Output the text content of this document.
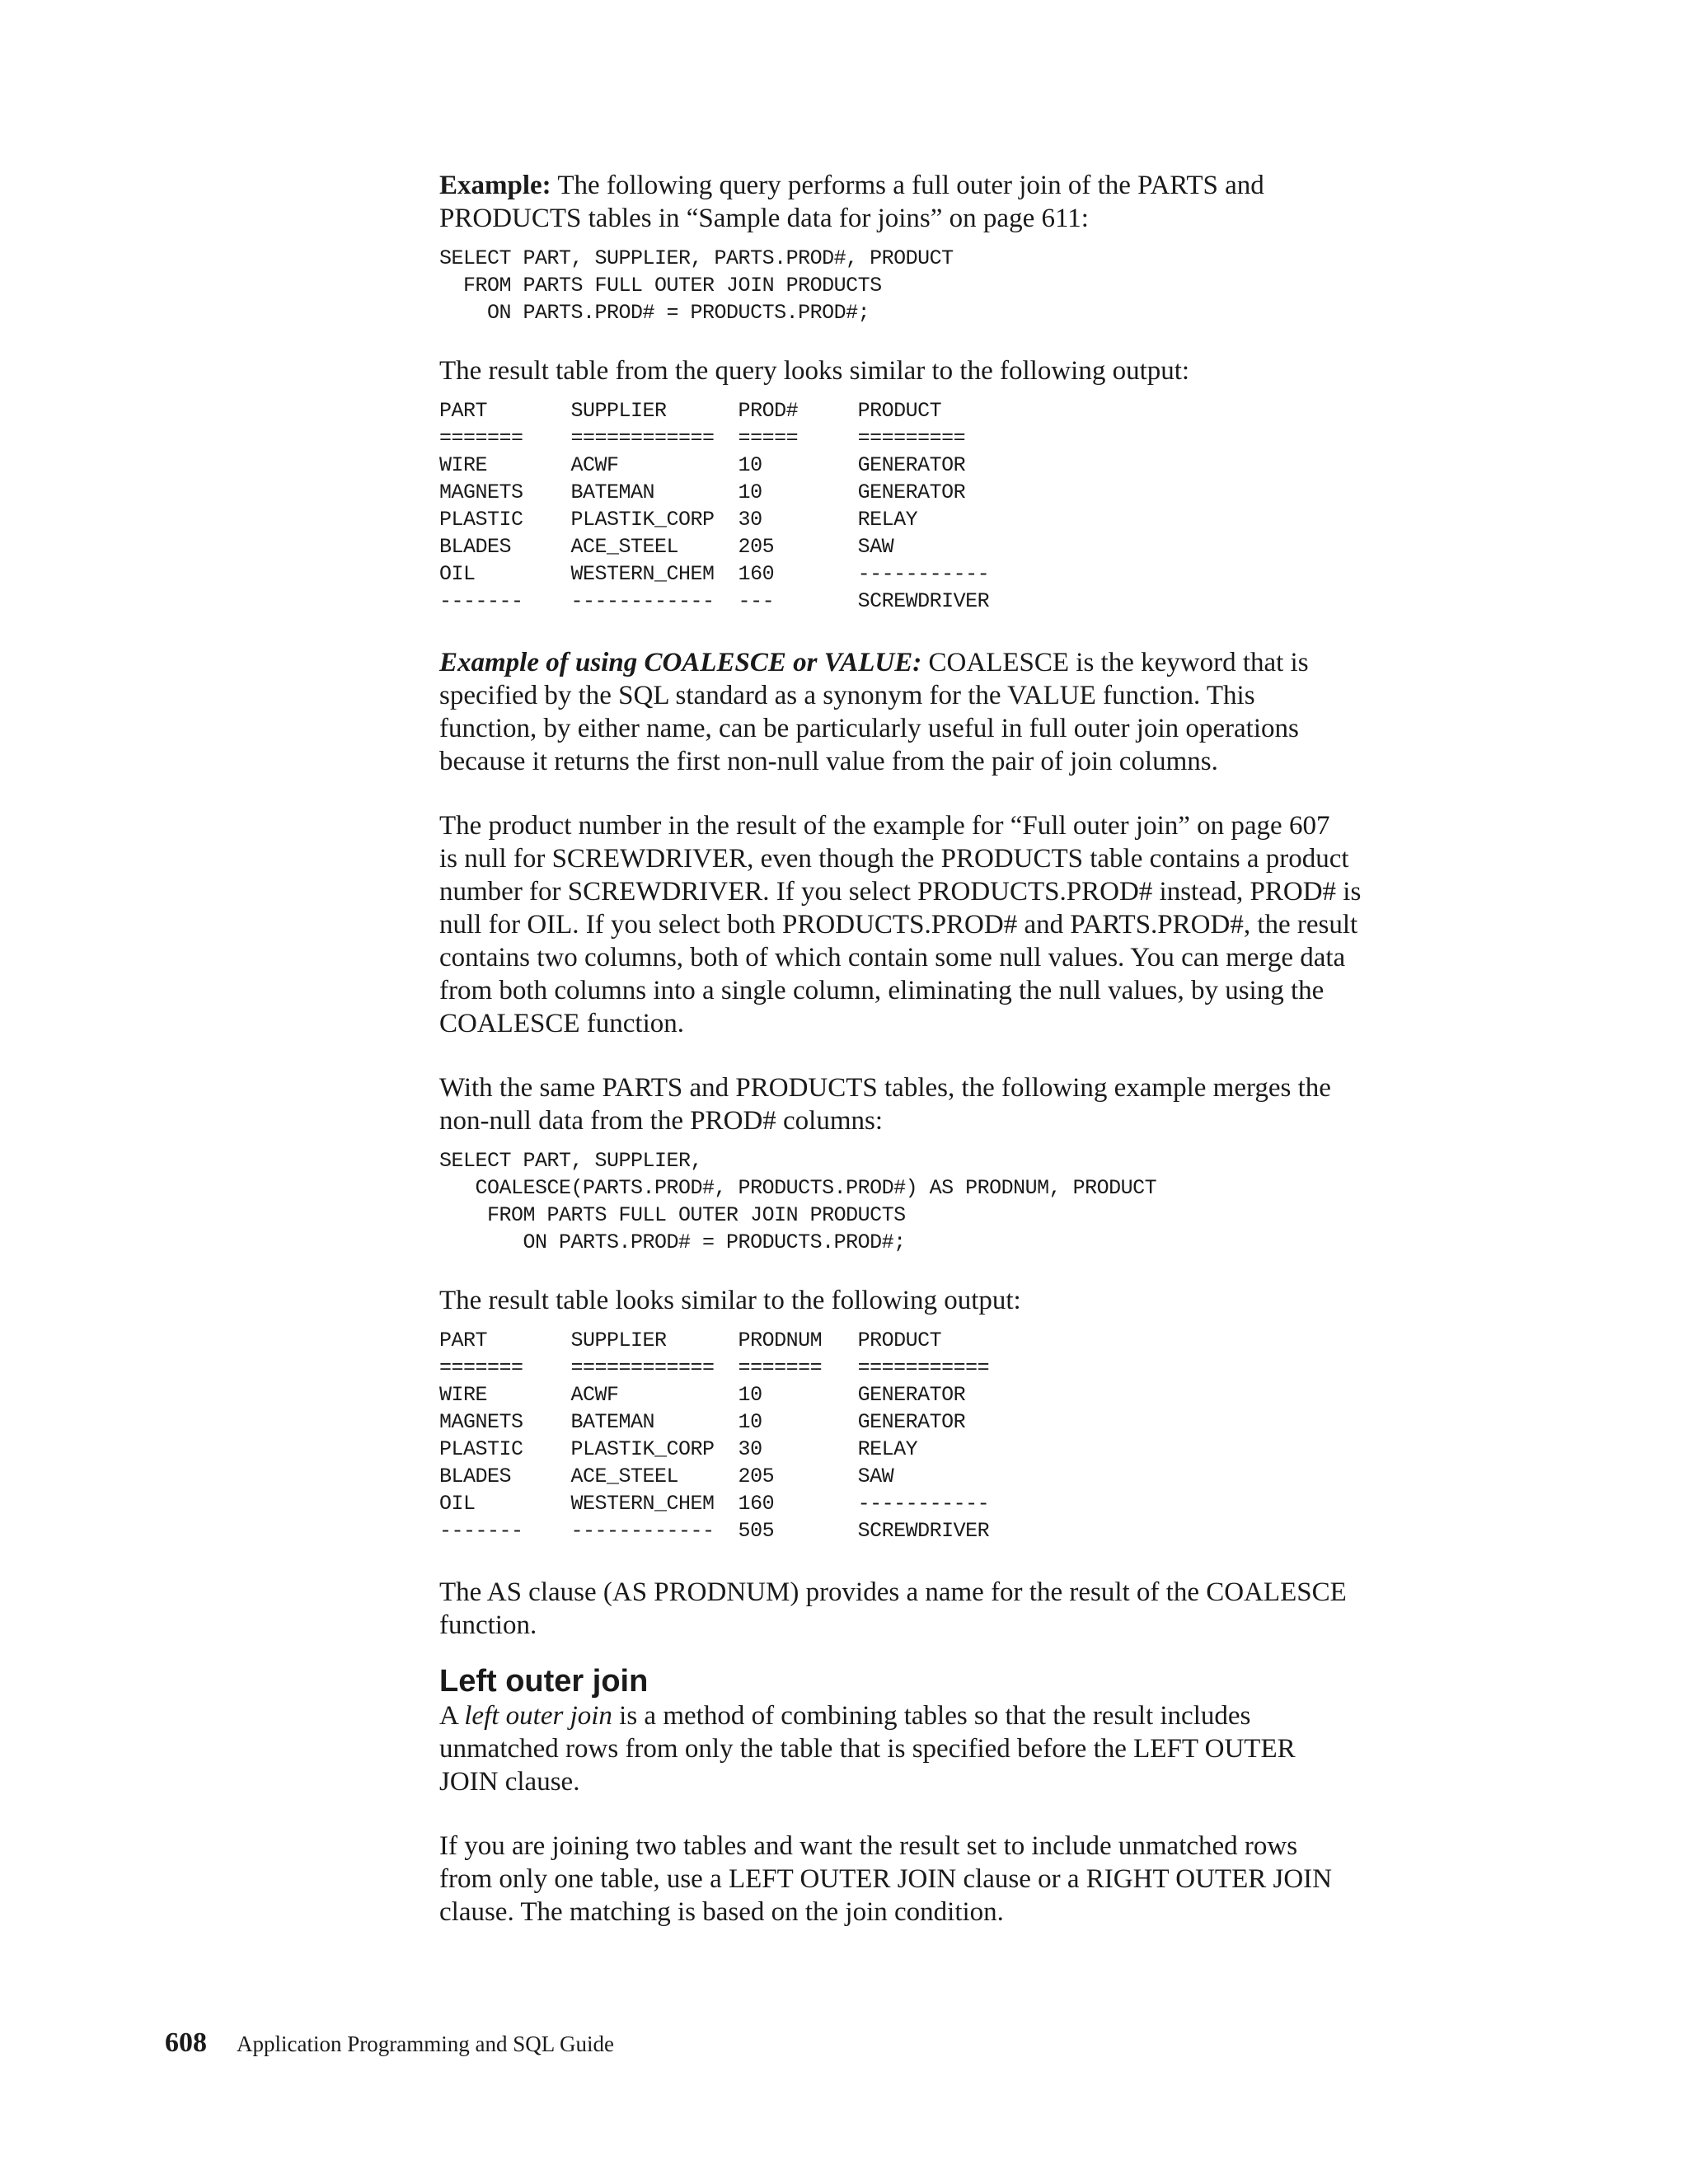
Example: The following query performs a full outer join of the PARTS and
PRODUCTS tables in “Sample data for joins” on page 611:

SELECT PART, SUPPLIER, PARTS.PROD#, PRODUCT
FROM PARTS FULL OUTER JOIN PRODUCTS
ON PARTS.PROD# = PRODUCTS.PROD#;

The result table from the query looks similar to the following output:

PART       SUPPLIER      PROD#     PRODUCT
=======    ============  =====     =========
WIRE       ACWF          10        GENERATOR
MAGNETS    BATEMAN       10        GENERATOR
PLASTIC    PLASTIK_CORP  30        RELAY
BLADES     ACE_STEEL     205       SAW
OIL        WESTERN_CHEM  160       -----------
-------    ------------  ---       SCREWDRIVER

Example of using COALESCE or VALUE: COALESCE is the keyword that is
specified by the SQL standard as a synonym for the VALUE function. This
function, by either name, can be particularly useful in full outer join operations
because it returns the first non-null value from the pair of join columns.

The product number in the result of the example for “Full outer join” on page 607
is null for SCREWDRIVER, even though the PRODUCTS table contains a product
number for SCREWDRIVER. If you select PRODUCTS.PROD# instead, PROD# is
null for OIL. If you select both PRODUCTS.PROD# and PARTS.PROD#, the result
contains two columns, both of which contain some null values. You can merge data
from both columns into a single column, eliminating the null values, by using the
COALESCE function.

With the same PARTS and PRODUCTS tables, the following example merges the
non-null data from the PROD# columns:

SELECT PART, SUPPLIER,
COALESCE(PARTS.PROD#, PRODUCTS.PROD#) AS PRODNUM, PRODUCT
FROM PARTS FULL OUTER JOIN PRODUCTS
ON PARTS.PROD# = PRODUCTS.PROD#;

The result table looks similar to the following output:

PART       SUPPLIER      PRODNUM   PRODUCT
=======    ============  =======   ===========
WIRE       ACWF          10        GENERATOR
MAGNETS    BATEMAN       10        GENERATOR
PLASTIC    PLASTIK_CORP  30        RELAY
BLADES     ACE_STEEL     205       SAW
OIL        WESTERN_CHEM  160       -----------
-------    ------------  505       SCREWDRIVER

The AS clause (AS PRODNUM) provides a name for the result of the COALESCE
function.

Left outer join

A left outer join is a method of combining tables so that the result includes
unmatched rows from only the table that is specified before the LEFT OUTER
JOIN clause.

If you are joining two tables and want the result set to include unmatched rows
from only one table, use a LEFT OUTER JOIN clause or a RIGHT OUTER JOIN
clause. The matching is based on the join condition.

608 Application Programming and SQL Guide
